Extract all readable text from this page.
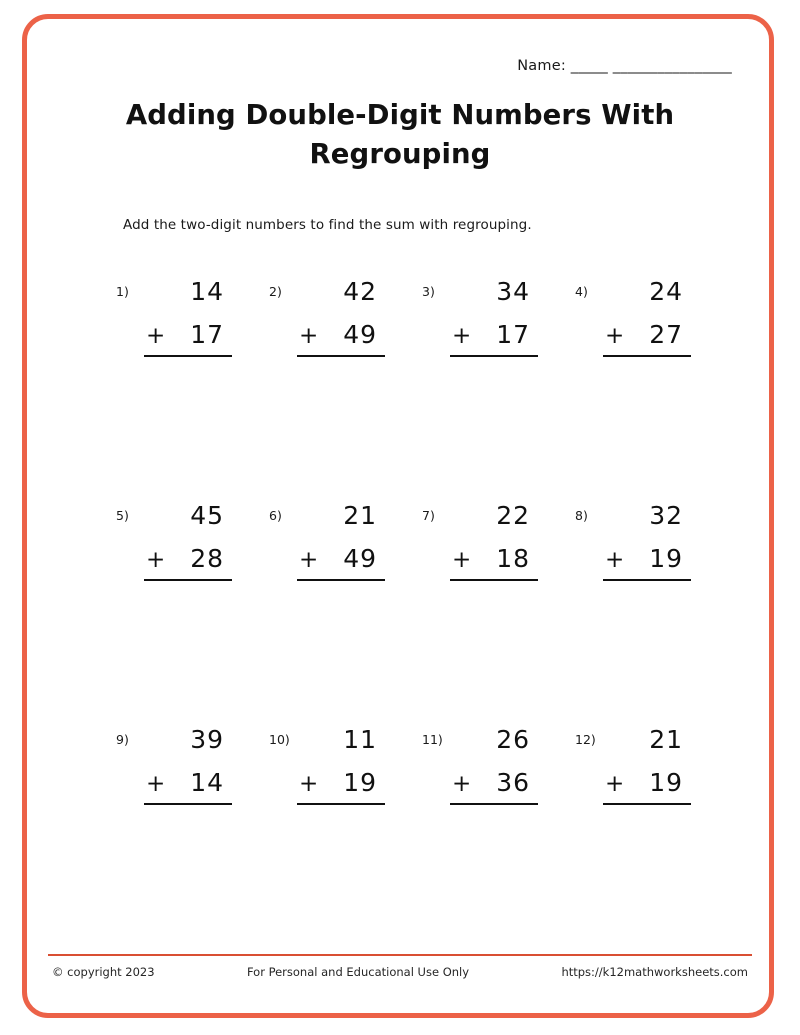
Name: _____ ________________
Adding Double-Digit Numbers With Regrouping
Add the two-digit numbers to find the sum with regrouping.
1)	14
+ 17
2)	42
+ 49
3)	34
+ 17
4)	24
+ 27
5)	45
+ 28
6)	21
+ 49
7)	22
+ 18
8)	32
+ 19
9)	39
+ 14
10)	11
+ 19
11)	26
+ 36
12)	21
+ 19
© copyright 2023	For Personal and Educational Use Only	https://k12mathworksheets.com
